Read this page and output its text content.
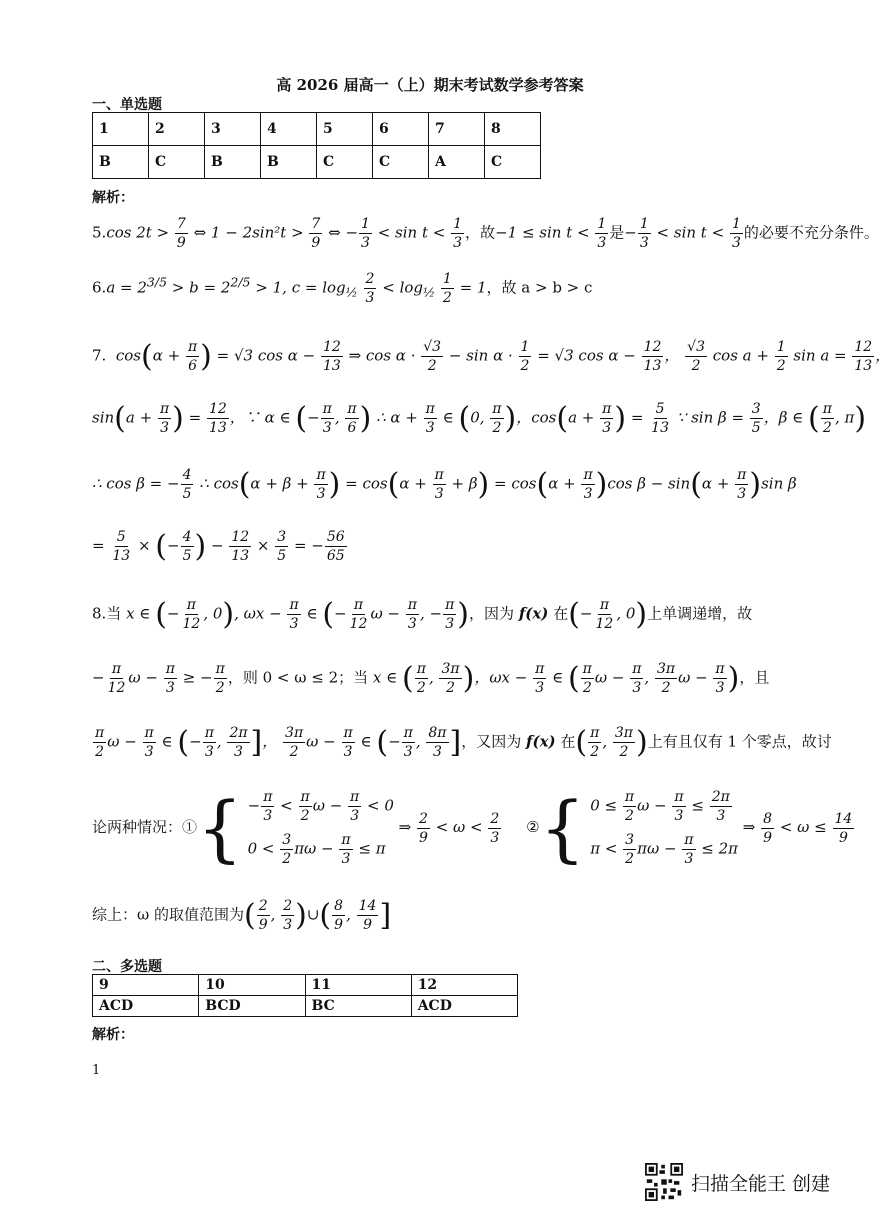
高 2026 届高一（上）期末考试数学参考答案
一、单选题
1	2	3	4	5	6	7	8
B	C	B	B	C	C	A	C
解析：
5.cos $2t > \frac{7}{9}$ ⇔ $1 - 2\sin^2t > \frac{7}{9}$ ⇔ − $\frac{1}{3} < \sin t < \frac{1}{3}$ ，故$-1 \le \sin t < \frac{1}{3}$ 是− $\frac{1}{3} < \sin t < \frac{1}{3}$ 的必要不充分条件。
$6.a = 2^{3/5} > b = 2^{2/5} > 1$, $c = \log_{\frac{1}{2}} \frac{2}{3} < \log_{\frac{1}{2}} \frac{1}{2} = 1$，故 a > b > c
7.  $\cos(\alpha + \frac{\pi}{6}$ ) = √3 $\cos \alpha - \frac{12}{13}$ ⇒ $\cos \alpha \cdot \frac{√3}{2} - \sin \alpha \cdot \frac{1}{2} = √3$ $\cos \alpha - \frac{12}{13}$ ， $\frac{√3}{2}$ $\cos a + \frac{1}{2}$ $\sin a = \frac{12}{13}$ ，
$\sin(a + \frac{\pi}{3}$ ) = $\frac{12}{13}$ ，∵ α ∈ (− $\frac{\pi}{3}$ , $\frac{\pi}{6}$ ) ∴ $\alpha + \frac{\pi}{3}$ ∈ (0, $\frac{\pi}{2}$ )，$\cos(a + \frac{\pi}{3}$ ) = $\frac{5}{13}$ ∵ $\sin \beta = \frac{3}{5}$ ，β ∈ ( $\frac{\pi}{2}$ , π)
∴ cos β = − $\frac{4}{5}$ ∴ $\cos(\alpha + \beta + \frac{\pi}{3}$ ) = $\cos(\alpha + \frac{\pi}{3} + \beta) = \cos(\alpha + \frac{\pi}{3} )\cos$ $\beta - \sin(\alpha + \frac{\pi}{3} )\sin$ β
= $\frac{5}{13}$ × (− $\frac{4}{5}$ ) − $\frac{12}{13} \times \frac{3}{5}$ = − $\frac{56}{65}$
8.当 x ∈ (− $\frac{\pi}{12}$ , 0), $\omega x - \frac{\pi}{3}$ ∈ (− $\frac{\pi}{12}$ $\omega - \frac{\pi}{3}$ , − $\frac{\pi}{3}$ )，因为 f(x) 在(− $\frac{\pi}{12}$ , 0)上单调递增，故
− $\frac{\pi}{12}$ $\omega - \frac{\pi}{3}$ ≥ − $\frac{\pi}{2}$ ，则 0 < ω ≤ 2；当 x ∈ ( $\frac{\pi}{2}$ , $\frac{3\pi}{2}$ )，$\omega x - \frac{\pi}{3}$ ∈ ( $\frac{\pi}{2}$ $\omega - \frac{\pi}{3}$ , $\frac{3\pi}{2}$ $\omega - \frac{\pi}{3}$ )，且
$\frac{\pi}{2}$ $\omega - \frac{\pi}{3}$ ∈ (− $\frac{\pi}{3}$ , $\frac{2\pi}{3}$ ]， $\frac{3\pi}{2}$ $\omega - \frac{\pi}{3}$ ∈ (− $\frac{\pi}{3}$ , $\frac{8\pi}{3}$ ]，又因为 f(x) 在( $\frac{\pi}{2}$ , $\frac{3\pi}{2}$ )上有且仅有 1 个零点，故讨
论两种情况：①{ − $\frac{\pi}{3} < \frac{\pi}{2}$ $\omega - \frac{\pi}{3} < 0$
$0 < \frac{3}{2}$ $\pi\omega - \frac{\pi}{3} \le \pi$
⇒ $\frac{2}{9} < \omega < \frac{2}{3}$ ②{ $0 \le \frac{\pi}{2}$ $\omega - \frac{\pi}{3} \le \frac{2\pi}{3}$
$\pi < \frac{3}{2}$ $\pi\omega - \frac{\pi}{3} \le 2\pi$
⇒ $\frac{8}{9} < \omega \le \frac{14}{9}$
综上：ω 的取值范围为( $\frac{2}{9}$ , $\frac{2}{3}$ )∪( $\frac{8}{9}$ , $\frac{14}{9}$ ]
二、多选题
9	10	11	12
ACD	BCD	BC	ACD
解析：
1
扫描全能王 创建
